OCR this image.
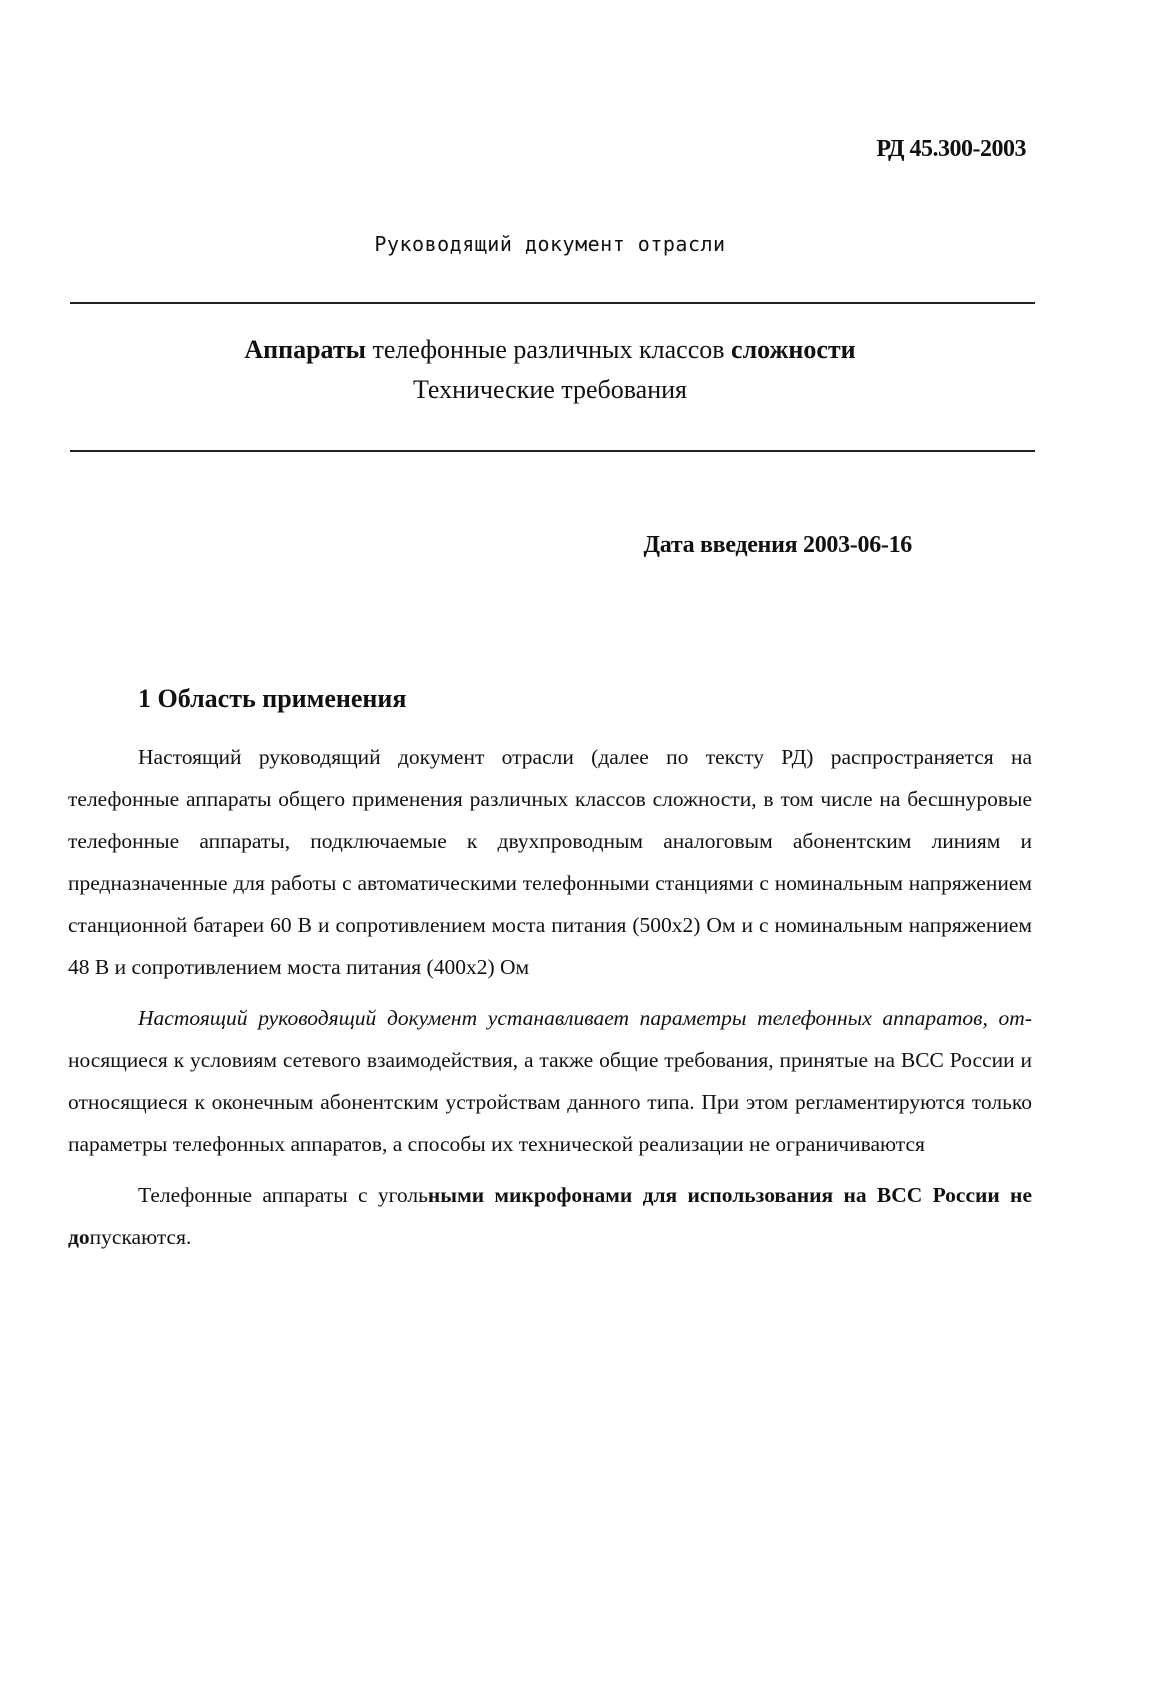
РД 45.300-2003
Руководящий документ отрасли
Аппараты телефонные различных классов сложности
Технические требования
Дата введения 2003-06-16
1 Область применения

Настоящий руководящий документ отрасли (далее по тексту РД) распространяется на телефонные аппараты общего применения различных классов сложности, в том числе на бесшнуровые телефонные аппараты, подключаемые к двухпроводным аналоговым абонентским линиям и предназначенные для работы с автоматическими телефонными станциями с номинальным напряжением станционной батареи 60 В и сопротивлением моста питания (500х2) Ом и с номинальным напряжением 48 В и сопротивлением моста питания (400х2) Ом

Настоящий руководящий документ устанавливает параметры телефонных аппаратов, относящиеся к условиям сетевого взаимодействия, а также общие требования, принятые на ВСС России и относящиеся к оконечным абонентским устройствам данного типа. При этом регламентируются только параметры телефонных аппаратов, а способы их технической реализации не ограничиваются

Телефонные аппараты с угольными микрофонами для использования на ВСС России не допускаются.
